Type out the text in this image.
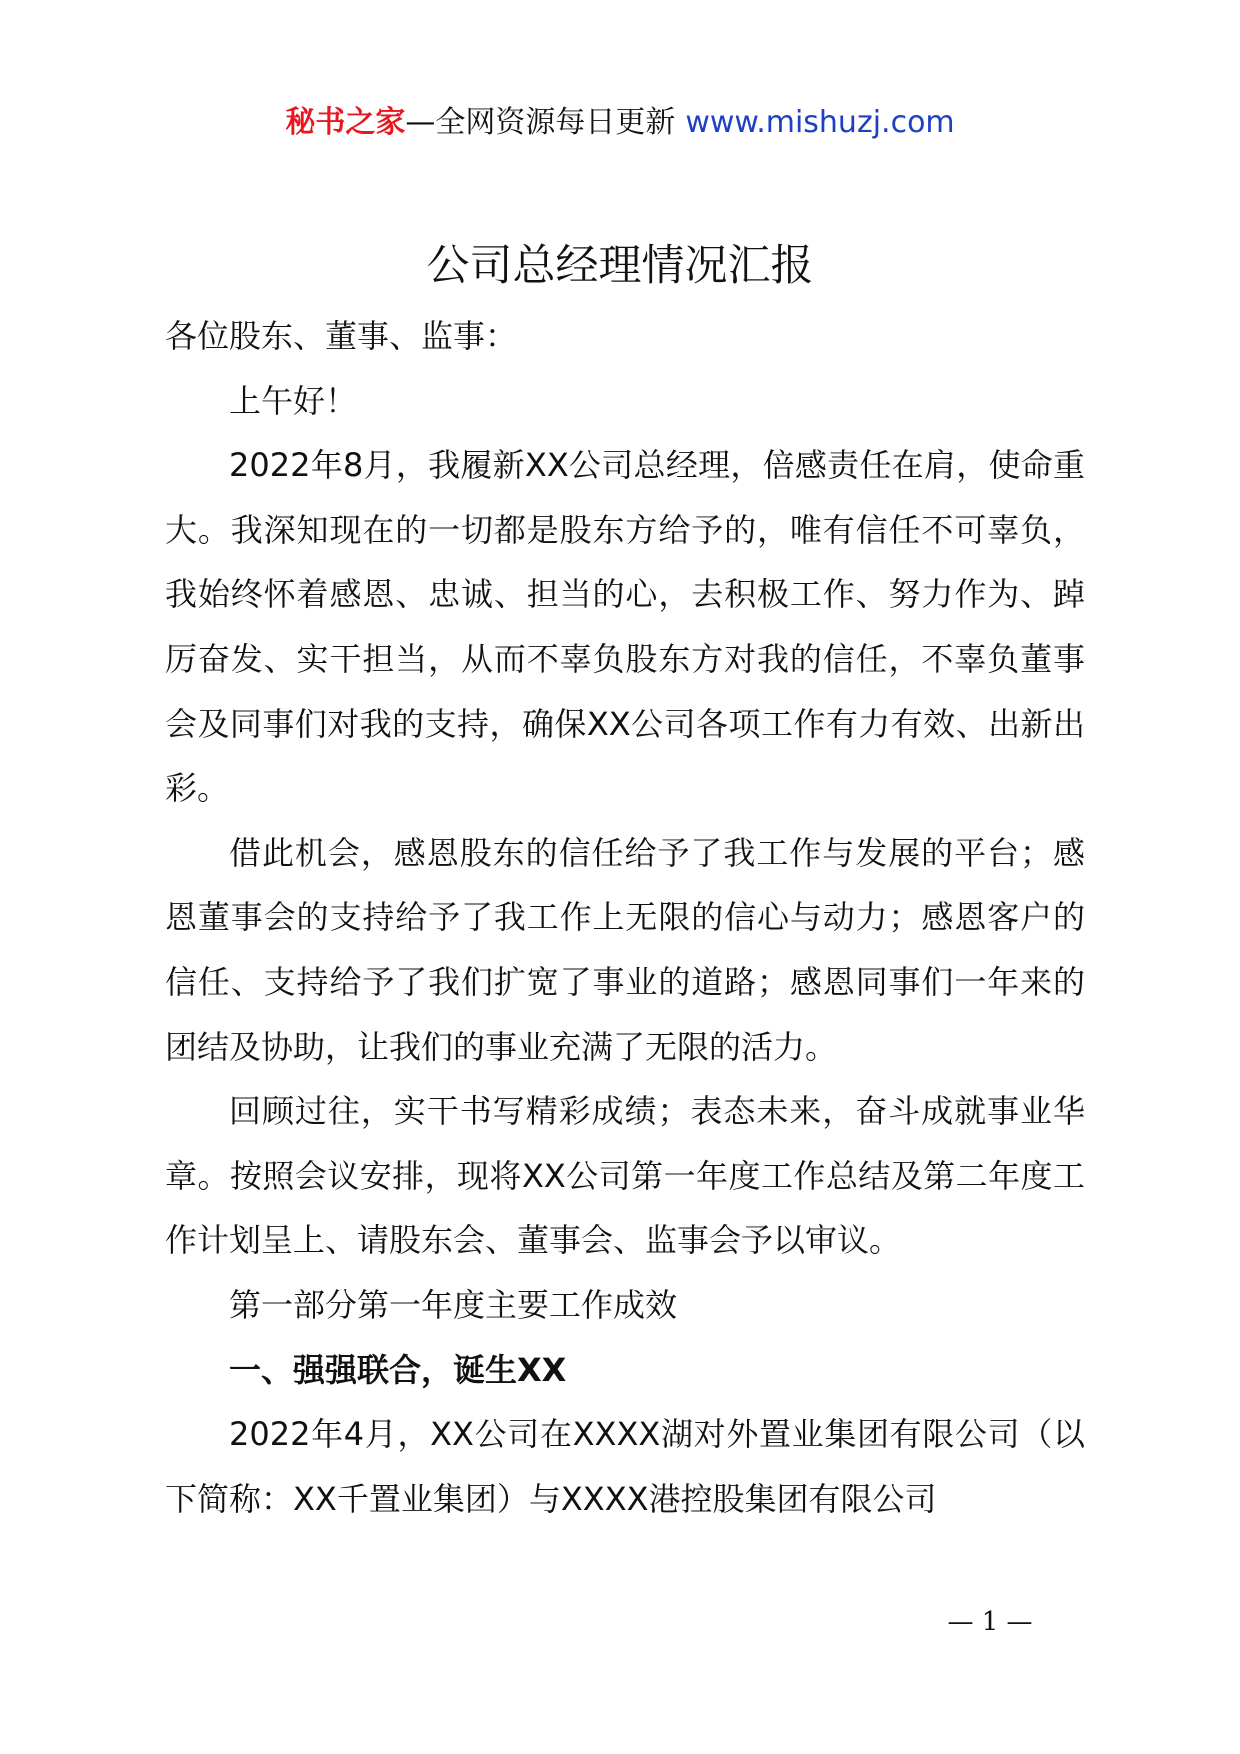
秘书之家—全网资源每日更新 www.mishuzj.com
公司总经理情况汇报

各位股东、董事、监事：

上午好！

2022年8月，我履新XX公司总经理，倍感责任在肩，使命重大。我深知现在的一切都是股东方给予的，唯有信任不可辜负，我始终怀着感恩、忠诚、担当的心，去积极工作、努力作为、踔厉奋发、实干担当，从而不辜负股东方对我的信任，不辜负董事会及同事们对我的支持，确保XX公司各项工作有力有效、出新出彩。

借此机会，感恩股东的信任给予了我工作与发展的平台；感恩董事会的支持给予了我工作上无限的信心与动力；感恩客户的信任、支持给予了我们扩宽了事业的道路；感恩同事们一年来的团结及协助，让我们的事业充满了无限的活力。

回顾过往，实干书写精彩成绩；表态未来，奋斗成就事业华章。按照会议安排，现将XX公司第一年度工作总结及第二年度工作计划呈上、请股东会、董事会、监事会予以审议。

第一部分第一年度主要工作成效

一、强强联合，诞生XX

2022年4月，XX公司在XXXX湖对外置业集团有限公司（以下简称：XX千置业集团）与XXXX港控股集团有限公司

— 1 —
